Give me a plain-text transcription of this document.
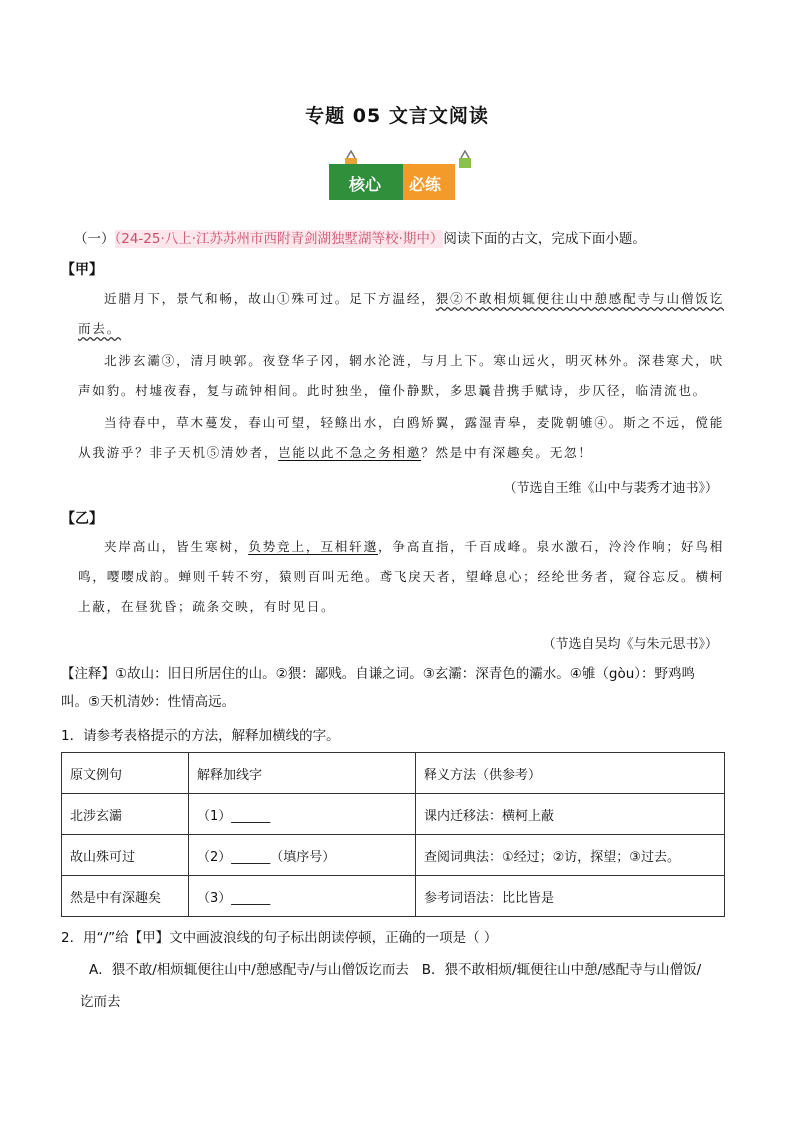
专题 05 文言文阅读
核心 必练
（一）（24-25·八上·江苏苏州市西附青剑湖独墅湖等校·期中）阅读下面的古文，完成下面小题。
【甲】
近腊月下，景气和畅，故山①殊可过。足下方温经，猥②不敢相烦辄便往山中憩感配寺与山僧饭讫而去。
北涉玄灞③，清月映郭。夜登华子冈，辋水沦涟，与月上下。寒山远火，明灭林外。深巷寒犬，吠声如豹。村墟夜舂，复与疏钟相间。此时独坐，僮仆静默，多思曩昔携手赋诗，步仄径，临清流也。
当待春中，草木蔓发，春山可望，轻鲦出水，白鸥矫翼，露湿青皋，麦陇朝雊④。斯之不远，傥能从我游乎？非子天机⑤清妙者，岂能以此不急之务相邀？然是中有深趣矣。无忽！
（节选自王维《山中与裴秀才迪书》）
【乙】
夹岸高山，皆生寒树，负势竞上，互相轩邈，争高直指，千百成峰。泉水激石，泠泠作响；好鸟相鸣，嘤嘤成韵。蝉则千转不穷，猿则百叫无绝。鸢飞戾天者，望峰息心；经纶世务者，窥谷忘反。横柯上蔽，在昼犹昏；疏条交映，有时见日。
（节选自吴均《与朱元思书》）
【注释】①故山：旧日所居住的山。②猥：鄙贱。自谦之词。③玄灞：深青色的灞水。④雊（gòu）：野鸡鸣叫。⑤天机清妙：性情高远。
1．请参考表格提示的方法，解释加横线的字。
原文例句	解释加线字	释义方法（供参考）
北涉玄灞	（1）______	课内迁移法：横柯上蔽
故山殊可过	（2）______（填序号）	查阅词典法：①经过；②访，探望；③过去。
然是中有深趣矣	（3）______	参考词语法：比比皆是
2．用“/”给【甲】文中画波浪线的句子标出朗读停顿，正确的一项是（ ）
A．猥不敢/相烦辄便往山中/憩感配寺/与山僧饭讫而去 B．猥不敢相烦/辄便往山中憩/感配寺与山僧饭/
讫而去
